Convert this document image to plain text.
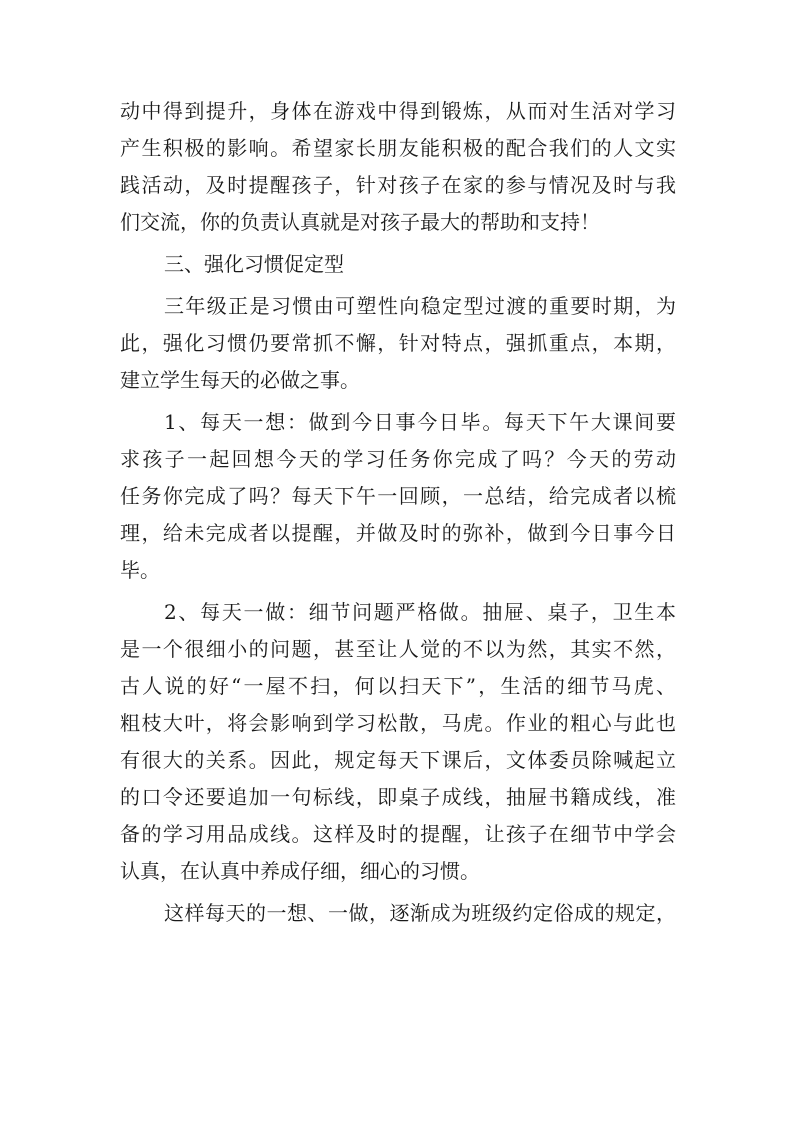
动中得到提升，身体在游戏中得到锻炼，从而对生活对学习
产生积极的影响。希望家长朋友能积极的配合我们的人文实
践活动，及时提醒孩子，针对孩子在家的参与情况及时与我
们交流，你的负责认真就是对孩子最大的帮助和支持！
三、强化习惯促定型
三年级正是习惯由可塑性向稳定型过渡的重要时期，为
此，强化习惯仍要常抓不懈，针对特点，强抓重点，本期，
建立学生每天的必做之事。
1、每天一想：做到今日事今日毕。每天下午大课间要
求孩子一起回想今天的学习任务你完成了吗？今天的劳动
任务你完成了吗？每天下午一回顾，一总结，给完成者以梳
理，给未完成者以提醒，并做及时的弥补，做到今日事今日
毕。
2、每天一做：细节问题严格做。抽屉、桌子，卫生本
是一个很细小的问题，甚至让人觉的不以为然，其实不然，
古人说的好“一屋不扫，何以扫天下”，生活的细节马虎、
粗枝大叶，将会影响到学习松散，马虎。作业的粗心与此也
有很大的关系。因此，规定每天下课后，文体委员除喊起立
的口令还要追加一句标线，即桌子成线，抽屉书籍成线，准
备的学习用品成线。这样及时的提醒，让孩子在细节中学会
认真，在认真中养成仔细，细心的习惯。
这样每天的一想、一做，逐渐成为班级约定俗成的规定，
